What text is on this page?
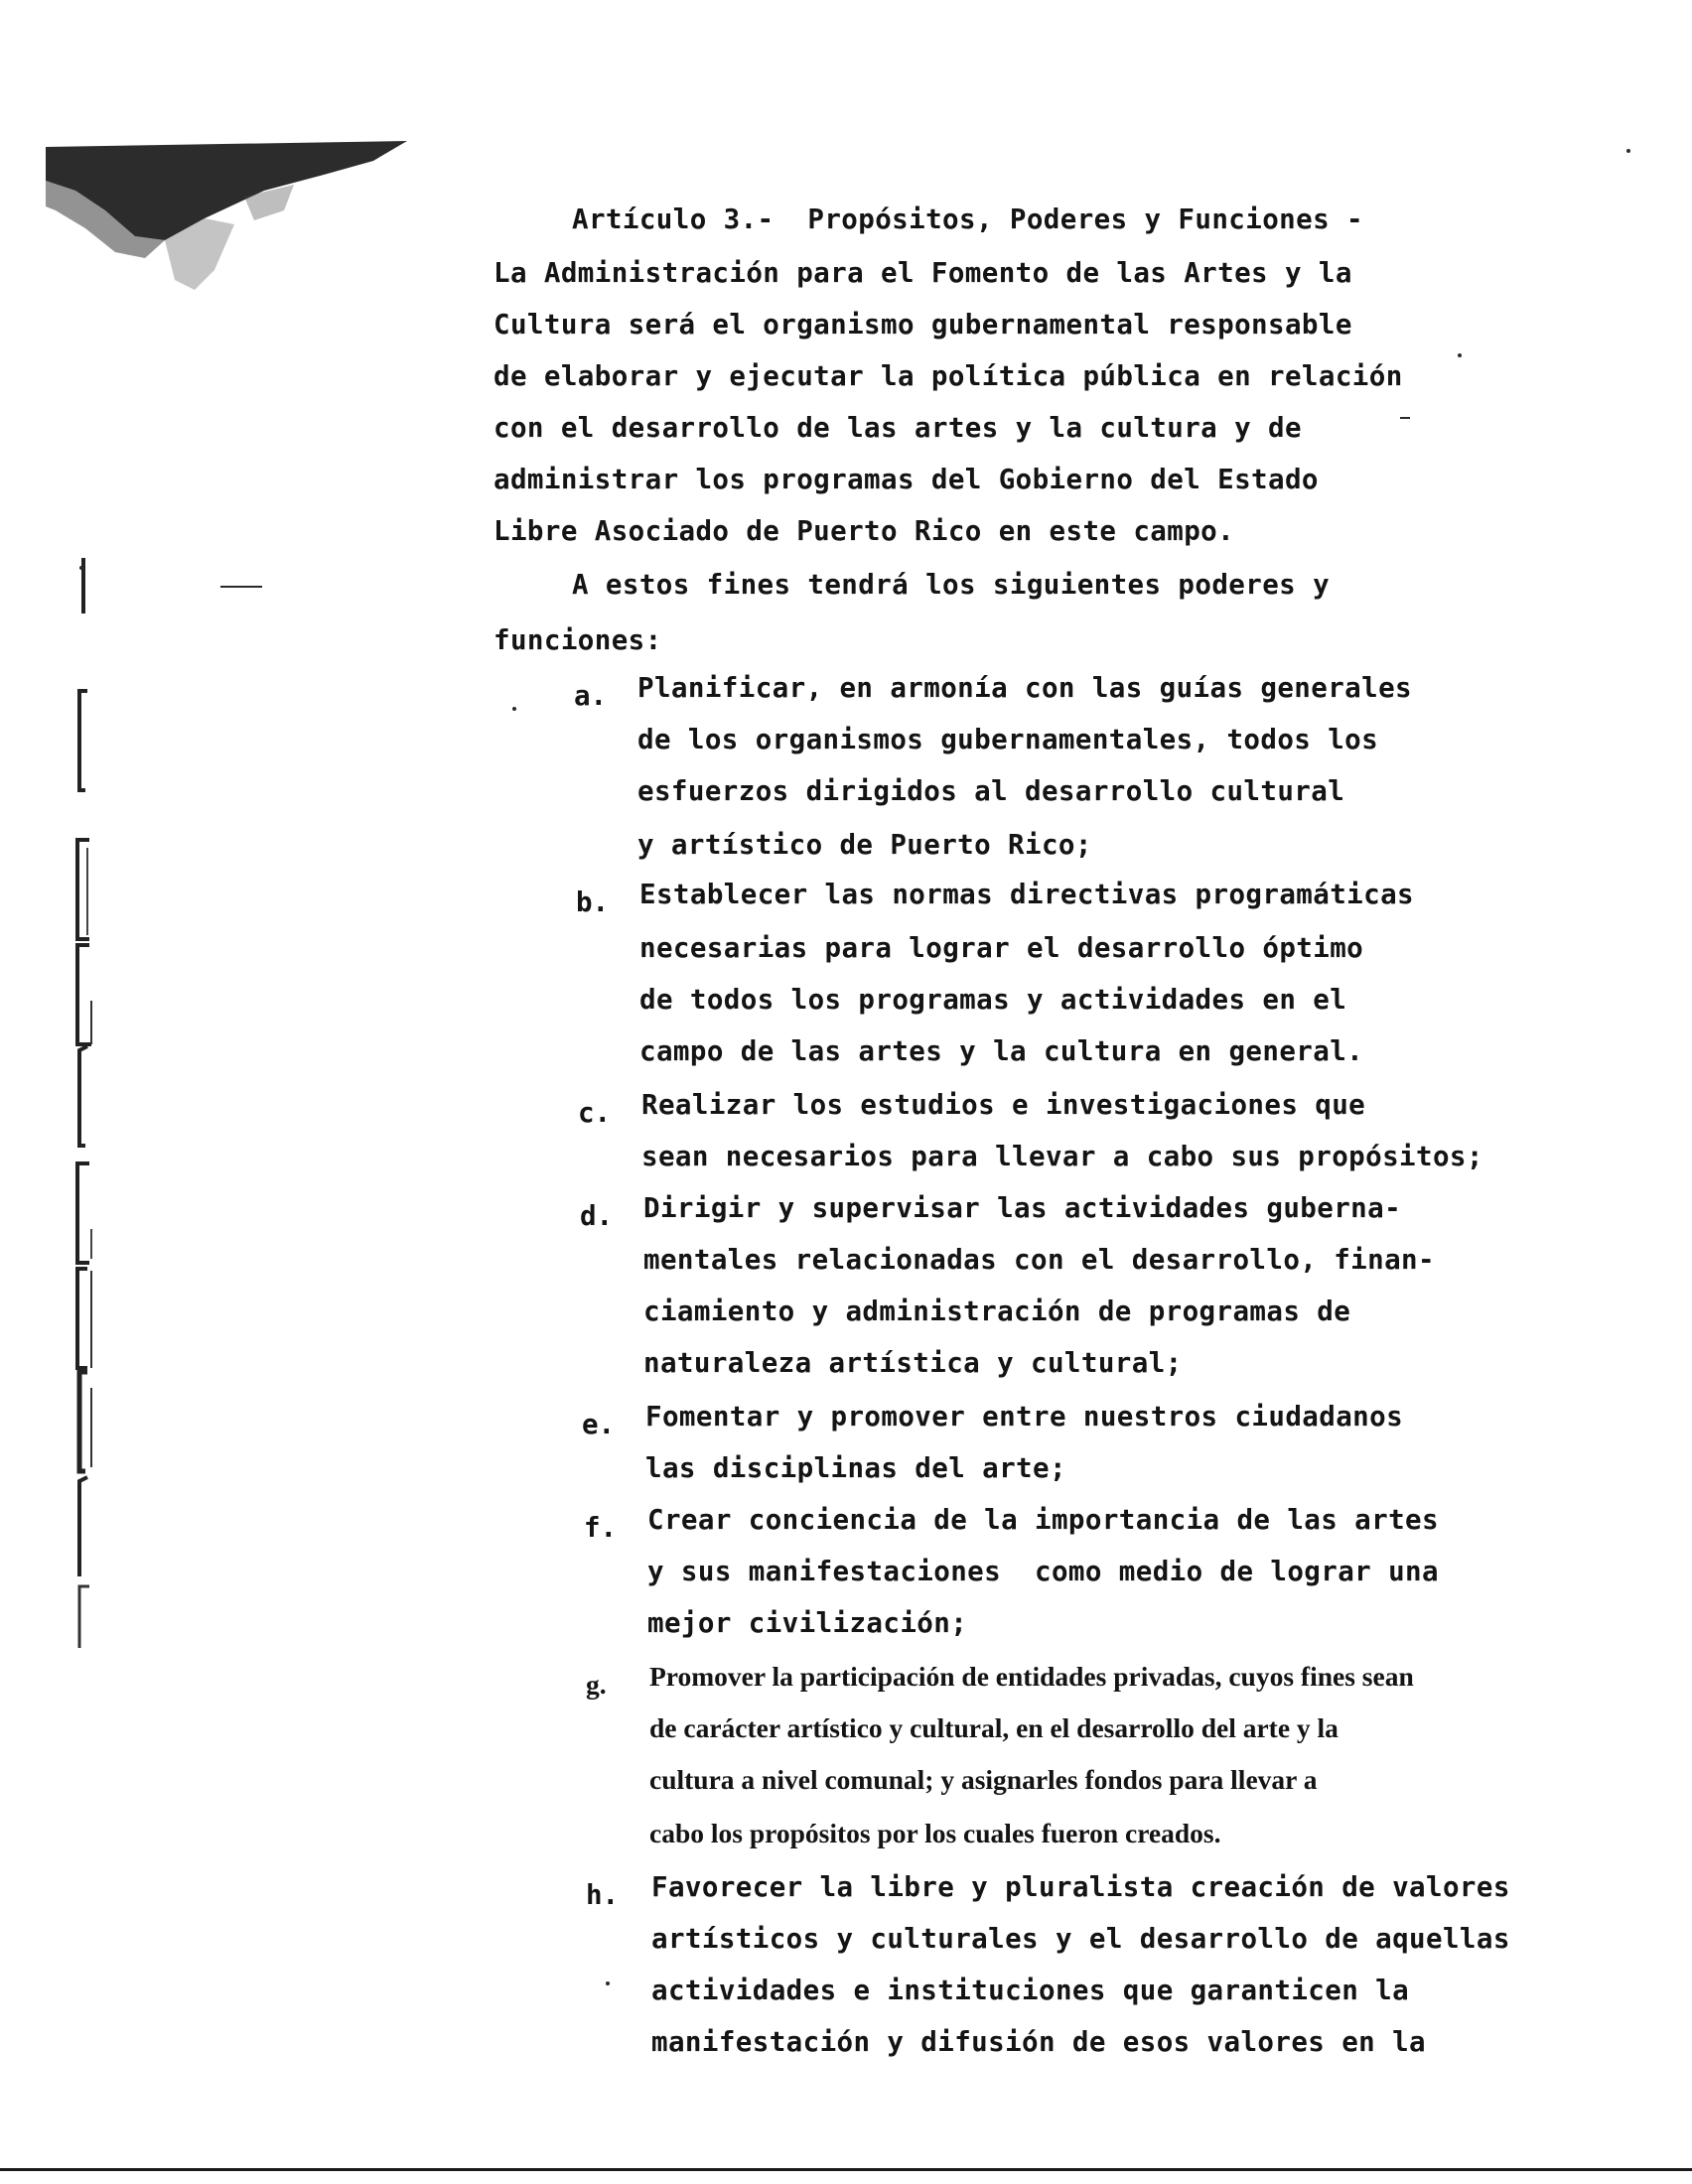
Artículo 3.-  Propósitos, Poderes y Funciones -
La Administración para el Fomento de las Artes y la
Cultura será el organismo gubernamental responsable
de elaborar y ejecutar la política pública en relación
con el desarrollo de las artes y la cultura y de
administrar los programas del Gobierno del Estado
Libre Asociado de Puerto Rico en este campo.
A estos fines tendrá los siguientes poderes y
funciones:
a. Planificar, en armonía con las guías generales
de los organismos gubernamentales, todos los
esfuerzos dirigidos al desarrollo cultural
y artístico de Puerto Rico;
b. Establecer las normas directivas programáticas
necesarias para lograr el desarrollo óptimo
de todos los programas y actividades en el
campo de las artes y la cultura en general.
c. Realizar los estudios e investigaciones que
sean necesarios para llevar a cabo sus propósitos;
d. Dirigir y supervisar las actividades guberna-
mentales relacionadas con el desarrollo, finan-
ciamiento y administración de programas de
naturaleza artística y cultural;
e. Fomentar y promover entre nuestros ciudadanos
las disciplinas del arte;
f. Crear conciencia de la importancia de las artes
y sus manifestaciones  como medio de lograr una
mejor civilización;
g. Promover la participación de entidades privadas, cuyos fines sean
de carácter artístico y cultural, en el desarrollo del arte y la
cultura a nivel comunal; y asignarles fondos para llevar a
cabo los propósitos por los cuales fueron creados.
h. Favorecer la libre y pluralista creación de valores
artísticos y culturales y el desarrollo de aquellas
actividades e instituciones que garanticen la
manifestación y difusión de esos valores en la
